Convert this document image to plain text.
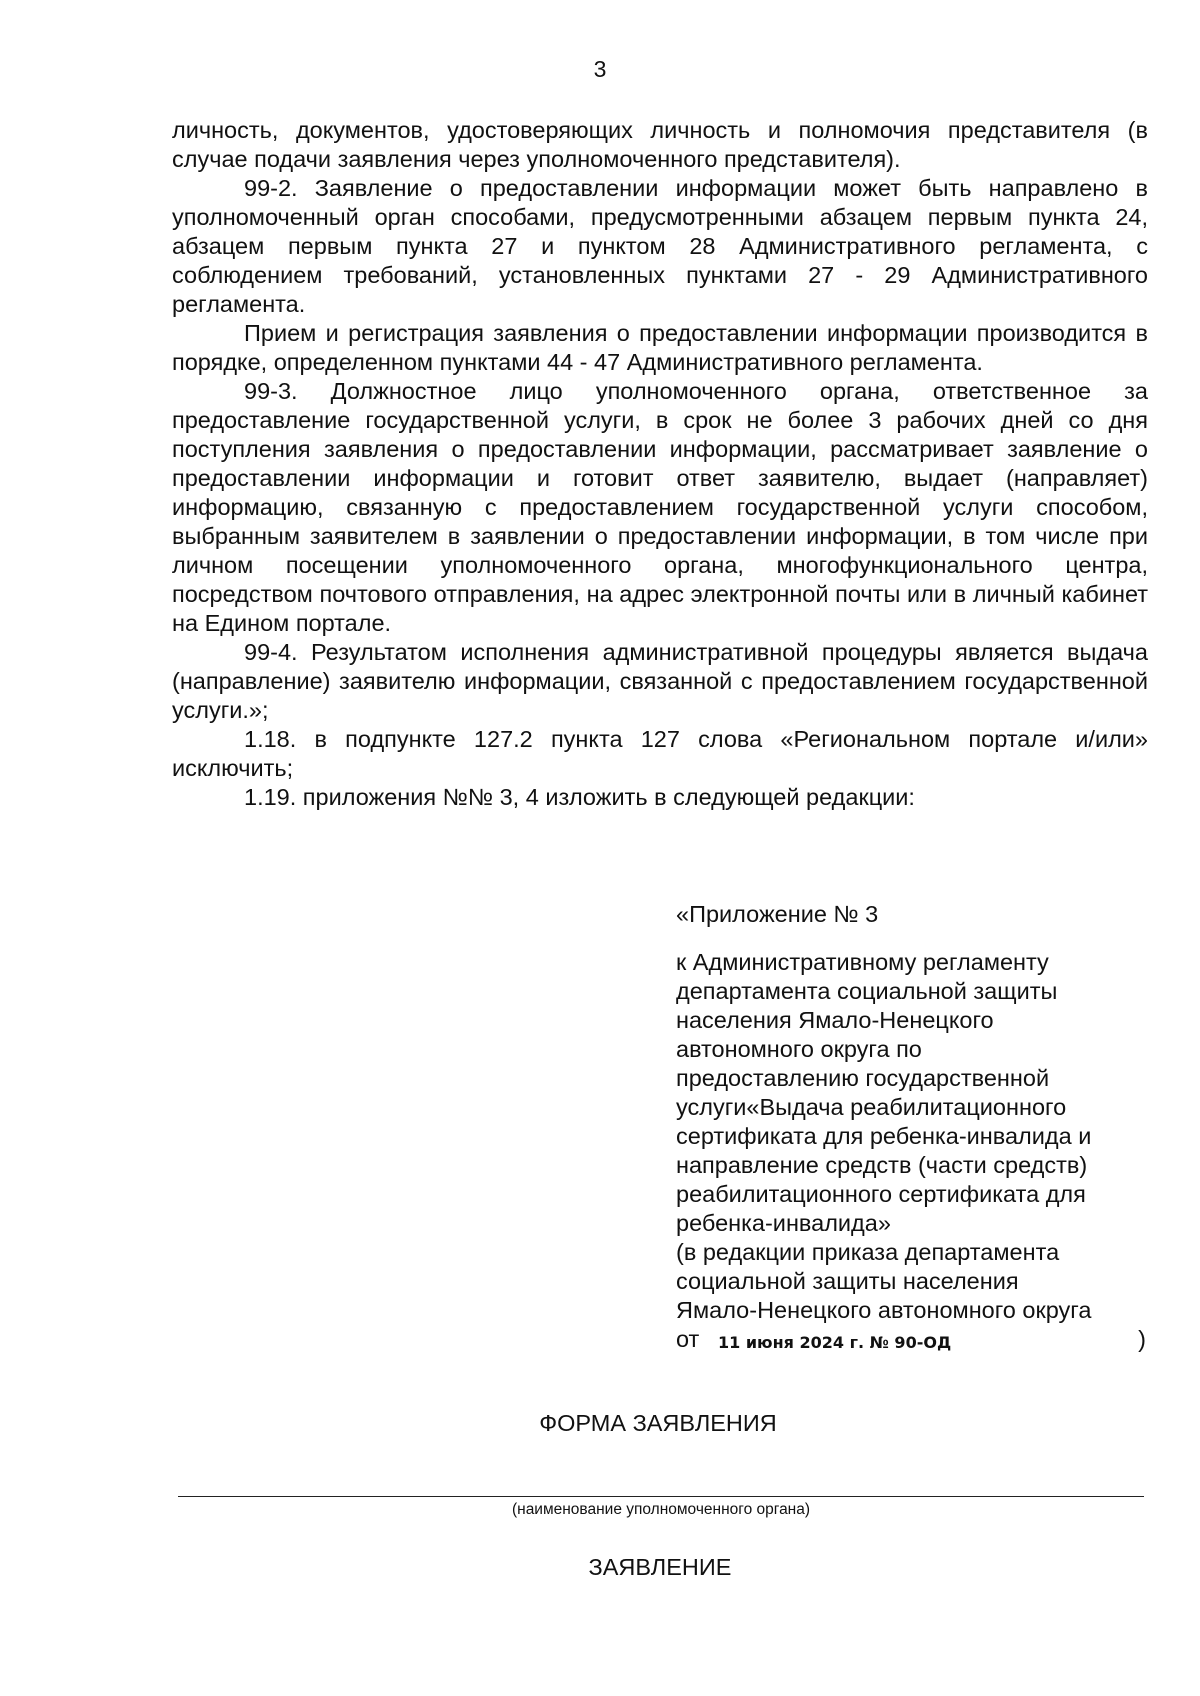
3

личность, документов, удостоверяющих личность и полномочия представителя (в случае подачи заявления через уполномоченного представителя).

99-2. Заявление о предоставлении информации может быть направлено в уполномоченный орган способами, предусмотренными абзацем первым пункта 24, абзацем первым пункта 27 и пунктом 28 Административного регламента, с соблюдением требований, установленных пунктами 27 - 29 Административного регламента.

Прием и регистрация заявления о предоставлении информации производится в порядке, определенном пунктами 44 - 47 Административного регламента.

99-3. Должностное лицо уполномоченного органа, ответственное за предоставление государственной услуги, в срок не более 3 рабочих дней со дня поступления заявления о предоставлении информации, рассматривает заявление о предоставлении информации и готовит ответ заявителю, выдает (направляет) информацию, связанную с предоставлением государственной услуги способом, выбранным заявителем в заявлении о предоставлении информации, в том числе при личном посещении уполномоченного органа, многофункционального центра, посредством почтового отправления, на адрес электронной почты или в личный кабинет на Едином портале.

99-4. Результатом исполнения административной процедуры является выдача (направление) заявителю информации, связанной с предоставлением государственной услуги.»;

1.18. в подпункте 127.2 пункта 127 слова «Региональном портале и/или» исключить;

1.19. приложения №№ 3, 4 изложить в следующей редакции:

«Приложение № 3

к Административному регламенту

департамента социальной защиты

населения Ямало-Ненецкого

автономного округа по

предоставлению государственной

услуги«Выдача реабилитационного

сертификата для ребенка-инвалида и

направление средств (части средств)

реабилитационного сертификата для

ребенка-инвалида»

(в редакции приказа департамента

социальной защиты населения

Ямало-Ненецкого автономного округа

от 11 июня 2024 г. № 90-ОД	)
ФОРМА ЗАЯВЛЕНИЯ
(наименование уполномоченного органа)
ЗАЯВЛЕНИЕ
